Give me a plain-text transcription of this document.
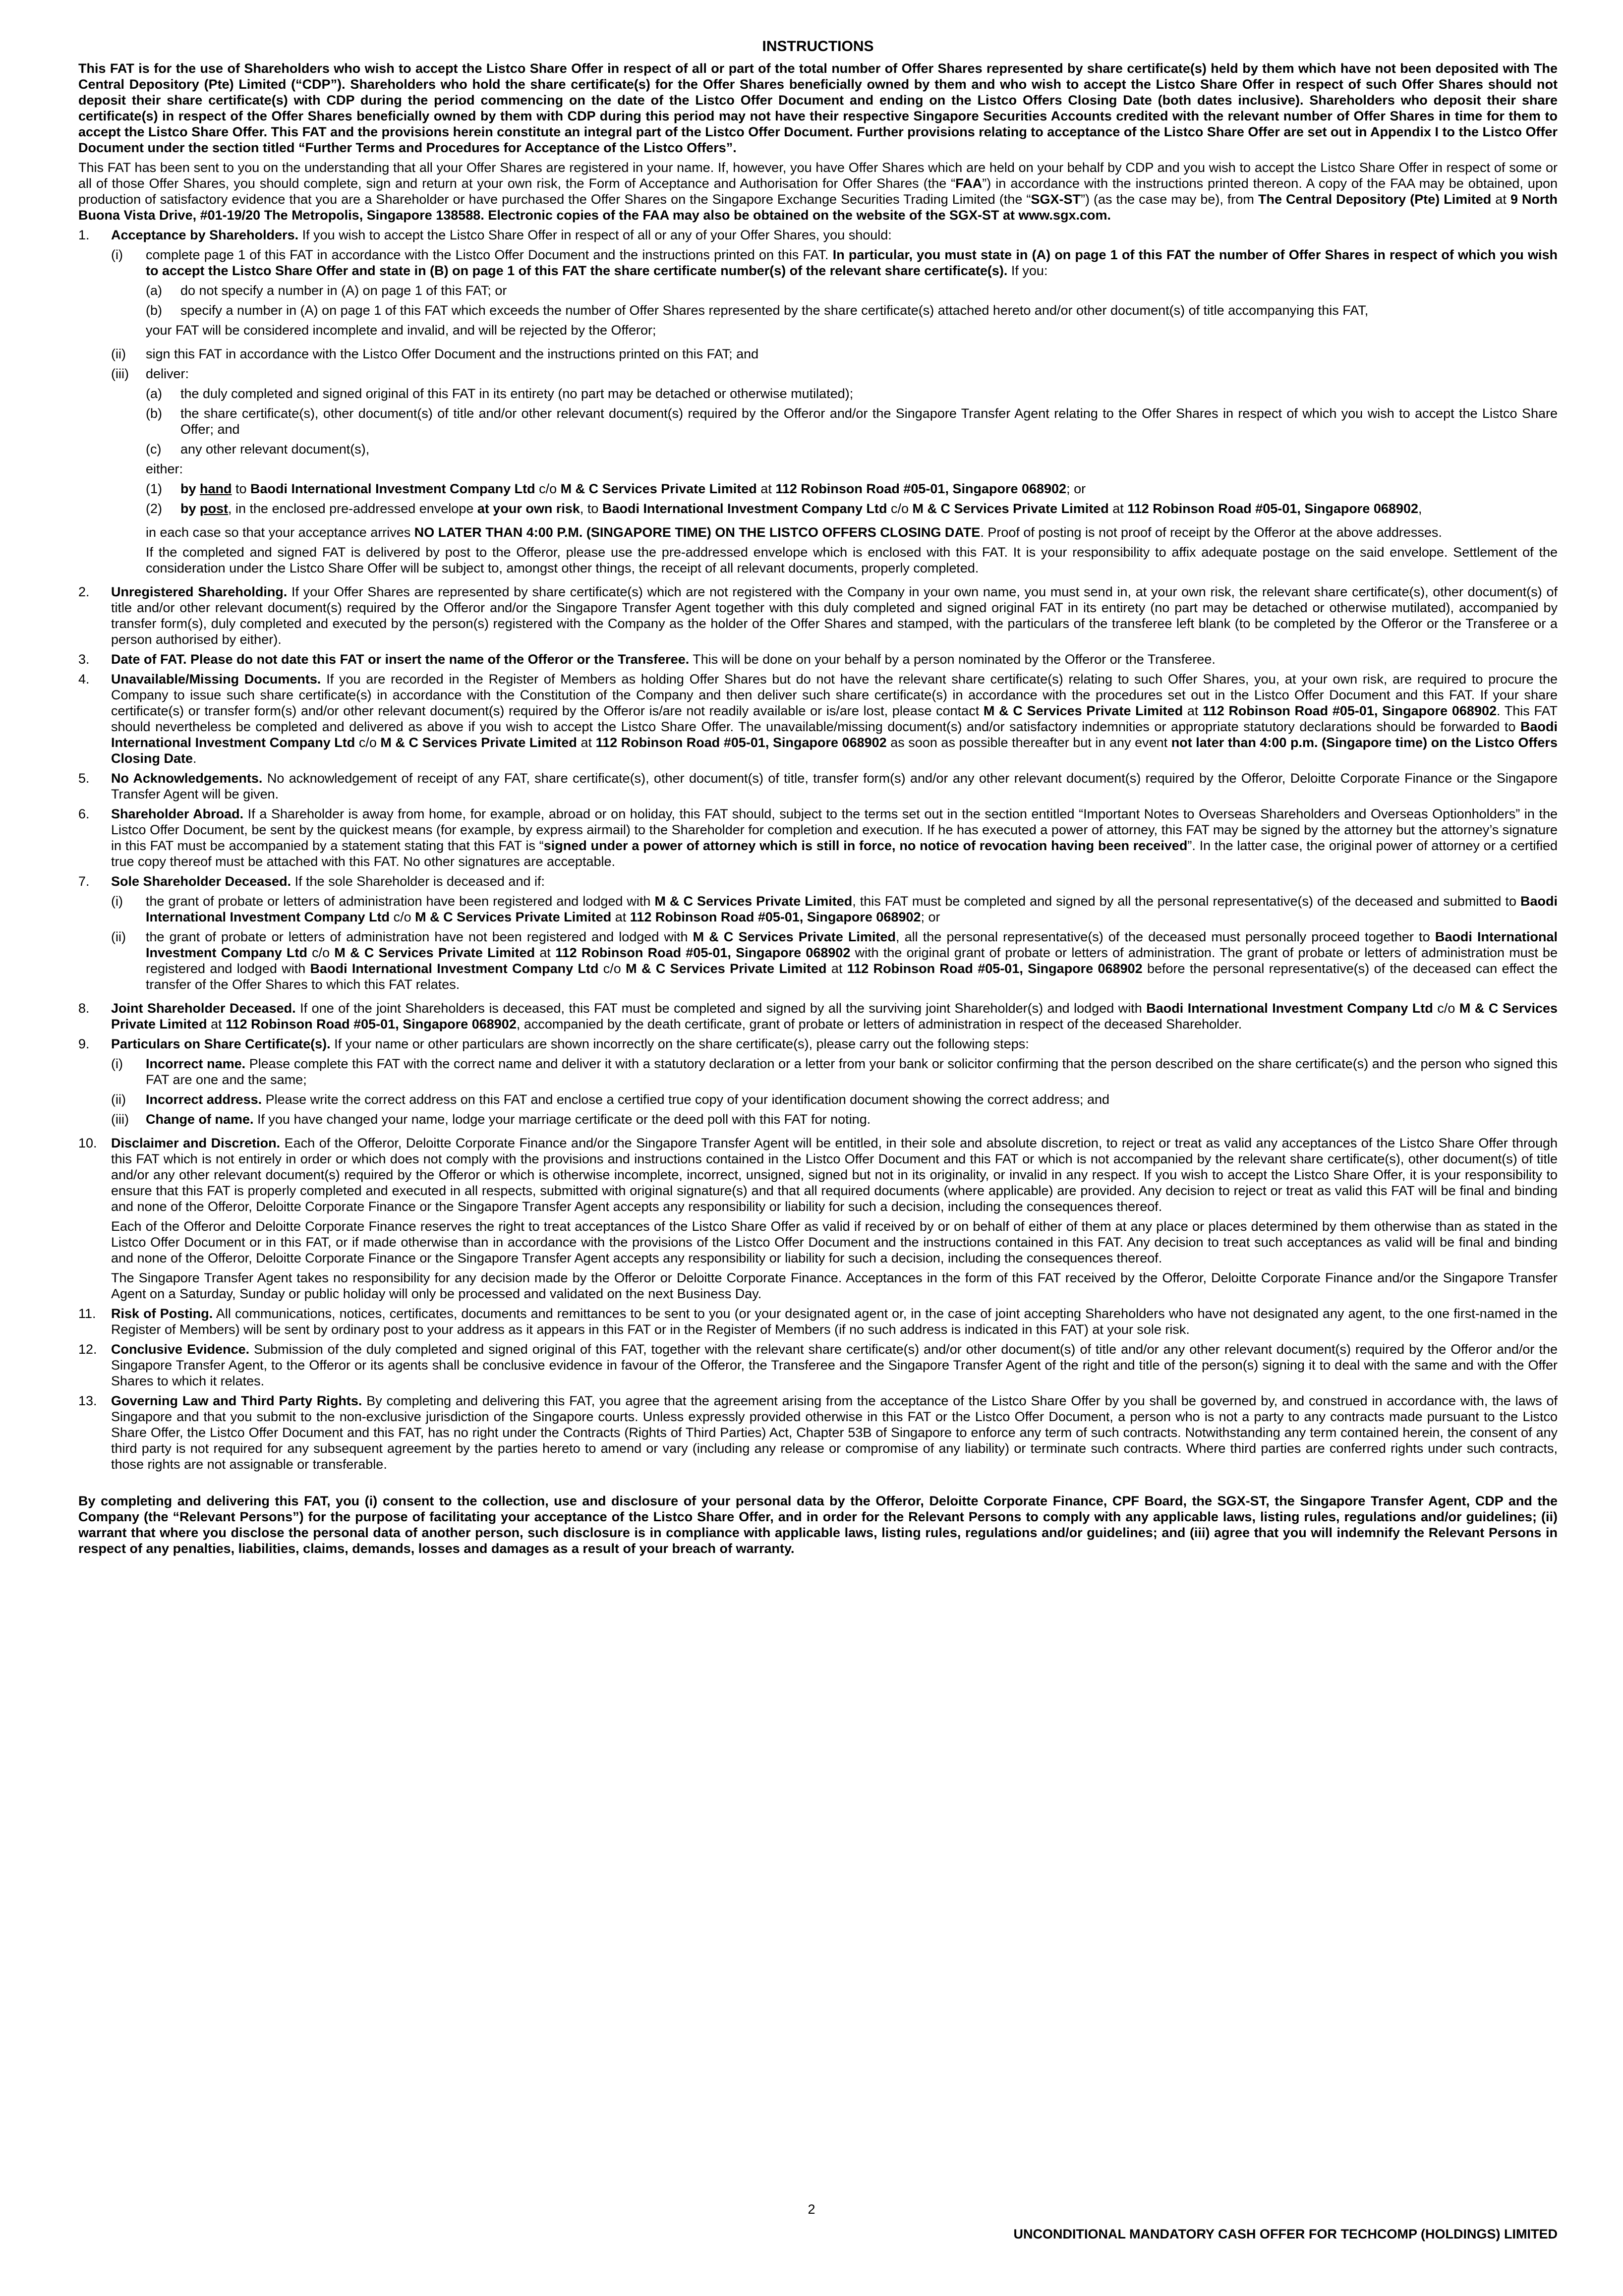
INSTRUCTIONS

This FAT is for the use of Shareholders who wish to accept the Listco Share Offer in respect of all or part of the total number of Offer Shares represented by share certificate(s) held by them which have not been deposited with The Central Depository (Pte) Limited (“CDP”). Shareholders who hold the share certificate(s) for the Offer Shares beneficially owned by them and who wish to accept the Listco Share Offer in respect of such Offer Shares should not deposit their share certificate(s) with CDP during the period commencing on the date of the Listco Offer Document and ending on the Listco Offers Closing Date (both dates inclusive). Shareholders who deposit their share certificate(s) in respect of the Offer Shares beneficially owned by them with CDP during this period may not have their respective Singapore Securities Accounts credited with the relevant number of Offer Shares in time for them to accept the Listco Share Offer. This FAT and the provisions herein constitute an integral part of the Listco Offer Document. Further provisions relating to acceptance of the Listco Share Offer are set out in Appendix I to the Listco Offer Document under the section titled “Further Terms and Procedures for Acceptance of the Listco Offers”.

This FAT has been sent to you on the understanding that all your Offer Shares are registered in your name. If, however, you have Offer Shares which are held on your behalf by CDP and you wish to accept the Listco Share Offer in respect of some or all of those Offer Shares, you should complete, sign and return at your own risk, the Form of Acceptance and Authorisation for Offer Shares (the “FAA”) in accordance with the instructions printed thereon. A copy of the FAA may be obtained, upon production of satisfactory evidence that you are a Shareholder or have purchased the Offer Shares on the Singapore Exchange Securities Trading Limited (the “SGX-ST”) (as the case may be), from The Central Depository (Pte) Limited at 9 North Buona Vista Drive, #01-19/20 The Metropolis, Singapore 138588. Electronic copies of the FAA may also be obtained on the website of the SGX-ST at www.sgx.com.

1.	Acceptance by Shareholders. If you wish to accept the Listco Share Offer in respect of all or any of your Offer Shares, you should:

(i)	complete page 1 of this FAT in accordance with the Listco Offer Document and the instructions printed on this FAT. In particular, you must state in (A) on page 1 of this FAT the number of Offer Shares in respect of which you wish to accept the Listco Share Offer and state in (B) on page 1 of this FAT the share certificate number(s) of the relevant share certificate(s). If you:
(a)	do not specify a number in (A) on page 1 of this FAT; or
(b)	specify a number in (A) on page 1 of this FAT which exceeds the number of Offer Shares represented by the share certificate(s) attached hereto and/or other document(s) of title accompanying this FAT,

your FAT will be considered incomplete and invalid, and will be rejected by the Offeror;

(ii)	sign this FAT in accordance with the Listco Offer Document and the instructions printed on this FAT; and
(iii)	deliver:
(a)	the duly completed and signed original of this FAT in its entirety (no part may be detached or otherwise mutilated);
(b)	the share certificate(s), other document(s) of title and/or other relevant document(s) required by the Offeror and/or the Singapore Transfer Agent relating to the Offer Shares in respect of which you wish to accept the Listco Share Offer; and
(c)	any other relevant document(s),

either:

(1)	by hand to Baodi International Investment Company Ltd c/o M & C Services Private Limited at 112 Robinson Road #05-01, Singapore 068902; or
(2)	by post, in the enclosed pre-addressed envelope at your own risk, to Baodi International Investment Company Ltd c/o M & C Services Private Limited at 112 Robinson Road #05-01, Singapore 068902,

in each case so that your acceptance arrives NO LATER THAN 4:00 P.M. (SINGAPORE TIME) ON THE LISTCO OFFERS CLOSING DATE. Proof of posting is not proof of receipt by the Offeror at the above addresses.

If the completed and signed FAT is delivered by post to the Offeror, please use the pre-addressed envelope which is enclosed with this FAT. It is your responsibility to affix adequate postage on the said envelope. Settlement of the consideration under the Listco Share Offer will be subject to, amongst other things, the receipt of all relevant documents, properly completed.

2.	Unregistered Shareholding. If your Offer Shares are represented by share certificate(s) which are not registered with the Company in your own name, you must send in, at your own risk, the relevant share certificate(s), other document(s) of title and/or other relevant document(s) required by the Offeror and/or the Singapore Transfer Agent together with this duly completed and signed original FAT in its entirety (no part may be detached or otherwise mutilated), accompanied by transfer form(s), duly completed and executed by the person(s) registered with the Company as the holder of the Offer Shares and stamped, with the particulars of the transferee left blank (to be completed by the Offeror or the Transferee or a person authorised by either).
3.	Date of FAT. Please do not date this FAT or insert the name of the Offeror or the Transferee. This will be done on your behalf by a person nominated by the Offeror or the Transferee.
4.	Unavailable/Missing Documents. If you are recorded in the Register of Members as holding Offer Shares but do not have the relevant share certificate(s) relating to such Offer Shares, you, at your own risk, are required to procure the Company to issue such share certificate(s) in accordance with the Constitution of the Company and then deliver such share certificate(s) in accordance with the procedures set out in the Listco Offer Document and this FAT. If your share certificate(s) or transfer form(s) and/or other relevant document(s) required by the Offeror is/are not readily available or is/are lost, please contact M & C Services Private Limited at 112 Robinson Road #05-01, Singapore 068902. This FAT should nevertheless be completed and delivered as above if you wish to accept the Listco Share Offer. The unavailable/missing document(s) and/or satisfactory indemnities or appropriate statutory declarations should be forwarded to Baodi International Investment Company Ltd c/o M & C Services Private Limited at 112 Robinson Road #05-01, Singapore 068902 as soon as possible thereafter but in any event not later than 4:00 p.m. (Singapore time) on the Listco Offers Closing Date.
5.	No Acknowledgements. No acknowledgement of receipt of any FAT, share certificate(s), other document(s) of title, transfer form(s) and/or any other relevant document(s) required by the Offeror, Deloitte Corporate Finance or the Singapore Transfer Agent will be given.
6.	Shareholder Abroad. If a Shareholder is away from home, for example, abroad or on holiday, this FAT should, subject to the terms set out in the section entitled “Important Notes to Overseas Shareholders and Overseas Optionholders” in the Listco Offer Document, be sent by the quickest means (for example, by express airmail) to the Shareholder for completion and execution. If he has executed a power of attorney, this FAT may be signed by the attorney but the attorney’s signature in this FAT must be accompanied by a statement stating that this FAT is “signed under a power of attorney which is still in force, no notice of revocation having been received”. In the latter case, the original power of attorney or a certified true copy thereof must be attached with this FAT. No other signatures are acceptable.
7.	Sole Shareholder Deceased. If the sole Shareholder is deceased and if:

(i)	the grant of probate or letters of administration have been registered and lodged with M & C Services Private Limited, this FAT must be completed and signed by all the personal representative(s) of the deceased and submitted to Baodi International Investment Company Ltd c/o M & C Services Private Limited at 112 Robinson Road #05-01, Singapore 068902; or
(ii)	the grant of probate or letters of administration have not been registered and lodged with M & C Services Private Limited, all the personal representative(s) of the deceased must personally proceed together to Baodi International Investment Company Ltd c/o M & C Services Private Limited at 112 Robinson Road #05-01, Singapore 068902 with the original grant of probate or letters of administration. The grant of probate or letters of administration must be registered and lodged with Baodi International Investment Company Ltd c/o M & C Services Private Limited at 112 Robinson Road #05-01, Singapore 068902 before the personal representative(s) of the deceased can effect the transfer of the Offer Shares to which this FAT relates.
8.	Joint Shareholder Deceased. If one of the joint Shareholders is deceased, this FAT must be completed and signed by all the surviving joint Shareholder(s) and lodged with Baodi International Investment Company Ltd c/o M & C Services Private Limited at 112 Robinson Road #05-01, Singapore 068902, accompanied by the death certificate, grant of probate or letters of administration in respect of the deceased Shareholder.
9.	Particulars on Share Certificate(s). If your name or other particulars are shown incorrectly on the share certificate(s), please carry out the following steps:

(i)	Incorrect name. Please complete this FAT with the correct name and deliver it with a statutory declaration or a letter from your bank or solicitor confirming that the person described on the share certificate(s) and the person who signed this FAT are one and the same;
(ii)	Incorrect address. Please write the correct address on this FAT and enclose a certified true copy of your identification document showing the correct address; and
(iii)	Change of name. If you have changed your name, lodge your marriage certificate or the deed poll with this FAT for noting.
10.	Disclaimer and Discretion. Each of the Offeror, Deloitte Corporate Finance and/or the Singapore Transfer Agent will be entitled, in their sole and absolute discretion, to reject or treat as valid any acceptances of the Listco Share Offer through this FAT which is not entirely in order or which does not comply with the provisions and instructions contained in the Listco Offer Document and this FAT or which is not accompanied by the relevant share certificate(s), other document(s) of title and/or any other relevant document(s) required by the Offeror or which is otherwise incomplete, incorrect, unsigned, signed but not in its originality, or invalid in any respect. If you wish to accept the Listco Share Offer, it is your responsibility to ensure that this FAT is properly completed and executed in all respects, submitted with original signature(s) and that all required documents (where applicable) are provided. Any decision to reject or treat as valid this FAT will be final and binding and none of the Offeror, Deloitte Corporate Finance or the Singapore Transfer Agent accepts any responsibility or liability for such a decision, including the consequences thereof.

Each of the Offeror and Deloitte Corporate Finance reserves the right to treat acceptances of the Listco Share Offer as valid if received by or on behalf of either of them at any place or places determined by them otherwise than as stated in the Listco Offer Document or in this FAT, or if made otherwise than in accordance with the provisions of the Listco Offer Document and the instructions contained in this FAT. Any decision to treat such acceptances as valid will be final and binding and none of the Offeror, Deloitte Corporate Finance or the Singapore Transfer Agent accepts any responsibility or liability for such a decision, including the consequences thereof.

The Singapore Transfer Agent takes no responsibility for any decision made by the Offeror or Deloitte Corporate Finance. Acceptances in the form of this FAT received by the Offeror, Deloitte Corporate Finance and/or the Singapore Transfer Agent on a Saturday, Sunday or public holiday will only be processed and validated on the next Business Day.

11.	Risk of Posting. All communications, notices, certificates, documents and remittances to be sent to you (or your designated agent or, in the case of joint accepting Shareholders who have not designated any agent, to the one first-named in the Register of Members) will be sent by ordinary post to your address as it appears in this FAT or in the Register of Members (if no such address is indicated in this FAT) at your sole risk.
12.	Conclusive Evidence. Submission of the duly completed and signed original of this FAT, together with the relevant share certificate(s) and/or other document(s) of title and/or any other relevant document(s) required by the Offeror and/or the Singapore Transfer Agent, to the Offeror or its agents shall be conclusive evidence in favour of the Offeror, the Transferee and the Singapore Transfer Agent of the right and title of the person(s) signing it to deal with the same and with the Offer Shares to which it relates.
13.	Governing Law and Third Party Rights. By completing and delivering this FAT, you agree that the agreement arising from the acceptance of the Listco Share Offer by you shall be governed by, and construed in accordance with, the laws of Singapore and that you submit to the non-exclusive jurisdiction of the Singapore courts. Unless expressly provided otherwise in this FAT or the Listco Offer Document, a person who is not a party to any contracts made pursuant to the Listco Share Offer, the Listco Offer Document and this FAT, has no right under the Contracts (Rights of Third Parties) Act, Chapter 53B of Singapore to enforce any term of such contracts. Notwithstanding any term contained herein, the consent of any third party is not required for any subsequent agreement by the parties hereto to amend or vary (including any release or compromise of any liability) or terminate such contracts. Where third parties are conferred rights under such contracts, those rights are not assignable or transferable.

By completing and delivering this FAT, you (i) consent to the collection, use and disclosure of your personal data by the Offeror, Deloitte Corporate Finance, CPF Board, the SGX-ST, the Singapore Transfer Agent, CDP and the Company (the “Relevant Persons”) for the purpose of facilitating your acceptance of the Listco Share Offer, and in order for the Relevant Persons to comply with any applicable laws, listing rules, regulations and/or guidelines; (ii) warrant that where you disclose the personal data of another person, such disclosure is in compliance with applicable laws, listing rules, regulations and/or guidelines; and (iii) agree that you will indemnify the Relevant Persons in respect of any penalties, liabilities, claims, demands, losses and damages as a result of your breach of warranty.

2
UNCONDITIONAL MANDATORY CASH OFFER FOR TECHCOMP (HOLDINGS) LIMITED
